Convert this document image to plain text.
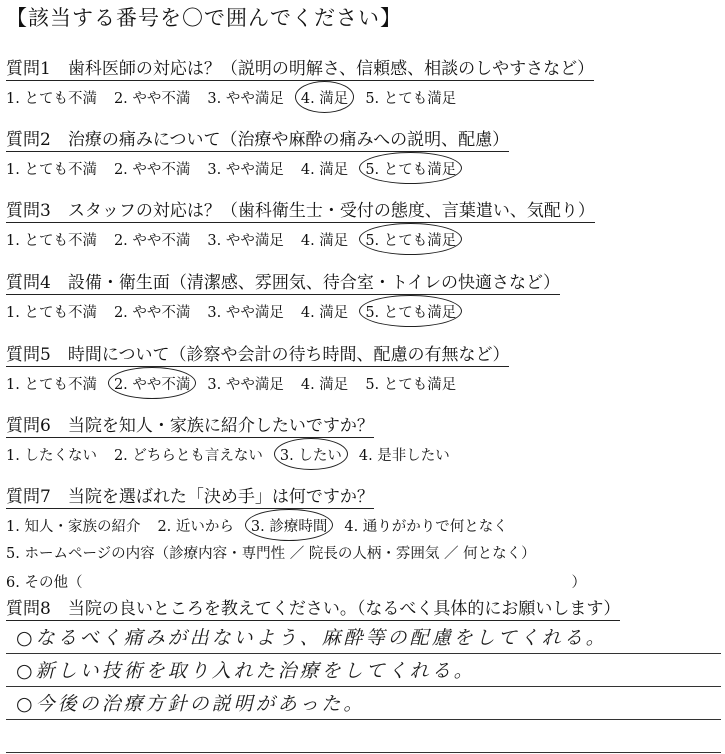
【該当する番号を〇で囲んでください】
質問1　歯科医師の対応は？（説明の明解さ、信頼感、相談のしやすさなど）
1. とても不満 2. やや不満 3. やや満足 4. 満足 5. とても満足
質問2　治療の痛みについて（治療や麻酔の痛みへの説明、配慮）
1. とても不満 2. やや不満 3. やや満足 4. 満足 5. とても満足
質問3　スタッフの対応は？（歯科衛生士・受付の態度、言葉遣い、気配り）
1. とても不満 2. やや不満 3. やや満足 4. 満足 5. とても満足
質問4　設備・衛生面（清潔感、雰囲気、待合室・トイレの快適さなど）
1. とても不満 2. やや不満 3. やや満足 4. 満足 5. とても満足
質問5　時間について（診察や会計の待ち時間、配慮の有無など）
1. とても不満 2. やや不満 3. やや満足 4. 満足 5. とても満足
質問6　当院を知人・家族に紹介したいですか？
1. したくない 2. どちらとも言えない 3. したい 4. 是非したい
質問7　当院を選ばれた「決め手」は何ですか？
1. 知人・家族の紹介 2. 近いから 3. 診療時間 4. 通りがかりで何となく
5. ホームページの内容（診療内容・専門性 ／ 院長の人柄・雰囲気 ／ 何となく）
6. その他（	）
質問8　当院の良いところを教えてください。（なるべく具体的にお願いします）
○なるべく痛みが出ないよう、麻酔等の配慮をしてくれる。
○新しい技術を取り入れた治療をしてくれる。
○今後の治療方針の説明があった。
